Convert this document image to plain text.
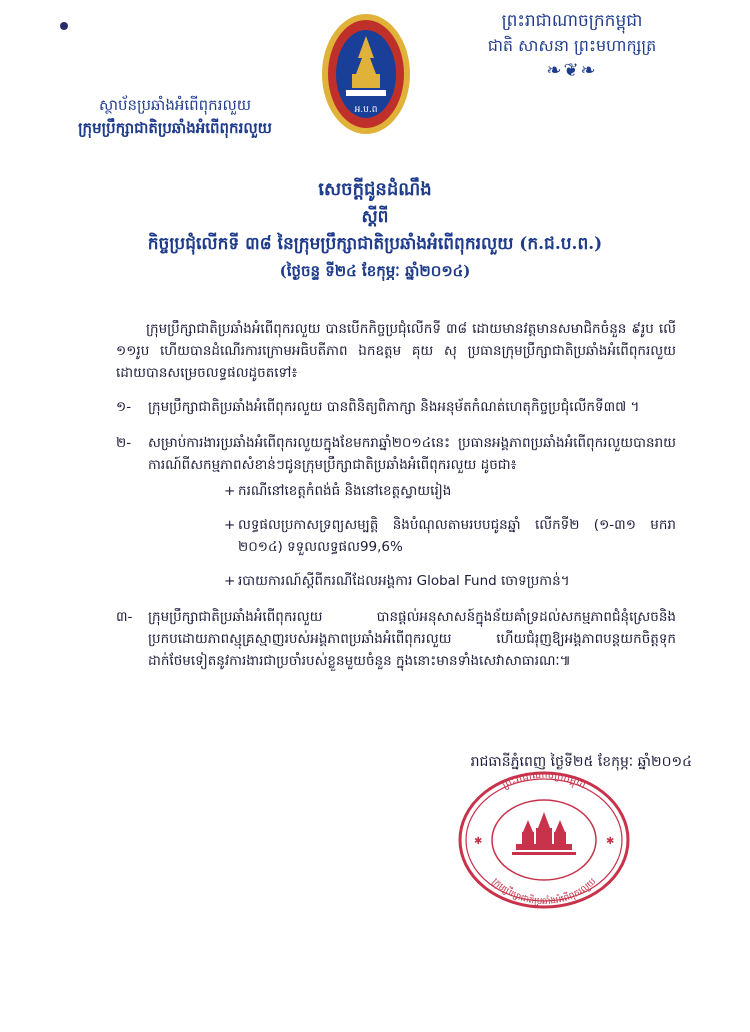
ព្រះរាជាណាចក្រកម្ពុជា
ជាតិ សាសនា ព្រះមហាក្សត្រ
❧❦❧
អ.ប.ព
ស្ថាប័នប្រឆាំងអំពើពុករលួយ
ក្រុមប្រឹក្សាជាតិប្រឆាំងអំពើពុករលួយ
សេចក្តីជូនដំណឹង
ស្តីពី
កិច្ចប្រជុំលើកទី ៣៨ នៃក្រុមប្រឹក្សាជាតិប្រឆាំងអំពើពុករលួយ (ក.ជ.ប.ព.)
(ថ្ងៃចន្ទ ទី២៤ ខែកុម្ភៈ ឆ្នាំ២០១៤)

ក្រុមប្រឹក្សាជាតិប្រឆាំងអំពើពុករលួយ បានបើកកិច្ចប្រជុំលើកទី ៣៨ ដោយមានវត្តមានសមាជិកចំនួន ៩រូប លើ ១១រូប ហើយបានដំណើរការក្រោមអធិបតីភាព ឯកឧត្តម គុយ សុ ប្រធានក្រុមប្រឹក្សាជាតិប្រឆាំងអំពើពុករលួយ ដោយបានសម្រេចលទ្ធផលដូចតទៅ៖

១- ក្រុមប្រឹក្សាជាតិប្រឆាំងអំពើពុករលួយ បានពិនិត្យពិភាក្សា និងអនុម័តកំណត់ហេតុកិច្ចប្រជុំលើកទី៣៧ ។
២- សម្រាប់ការងារប្រឆាំងអំពើពុករលួយក្នុងខែមករាឆ្នាំ២០១៤នេះ ប្រធានអង្គភាពប្រឆាំងអំពើពុករលួយបានរាយការណ៍ពីសកម្មភាពសំខាន់ៗជូនក្រុមប្រឹក្សាជាតិប្រឆាំងអំពើពុករលួយ ដូចជា៖
+ ករណីនៅខេត្តកំពង់ធំ និងនៅខេត្តស្វាយរៀង
+ លទ្ធផលប្រកាសទ្រព្យសម្បត្តិ និងបំណុលតាមរបបជូនឆ្នាំ លើកទី២ (១-៣១ មករា ២០១៤) ទទួលលទ្ធផល99,6%
+ របាយការណ៍ស្តីពីករណីដែលអង្គការ Global Fund ចោទប្រកាន់។
៣- ក្រុមប្រឹក្សាជាតិប្រឆាំងអំពើពុករលួយ បានផ្តល់អនុសាសន៍ក្នុងន័យគាំទ្រដល់សកម្មភាពជំនុំស្រេចនិងប្រកបដោយភាពស្មុគ្រស្មាញរបស់អង្គភាពប្រឆាំងអំពើពុករលួយ ហើយជំរុញឱ្យអង្គភាពបន្តយកចិត្តទុកដាក់ថែមទៀតនូវការងារជាប្រចាំរបស់ខ្លួនមួយចំនួន ក្នុងនោះមានទាំងសេវាសាធារណៈ៕
រាជធានីភ្នំពេញ ថ្ងៃទី២៥ ខែកុម្ភៈ ឆ្នាំ២០១៤
ព្រះរាជាណាចក្រកម្ពុជា
ក្រុមប្រឹក្សាជាតិប្រឆាំងអំពើពុករលួយ
✱	✱
